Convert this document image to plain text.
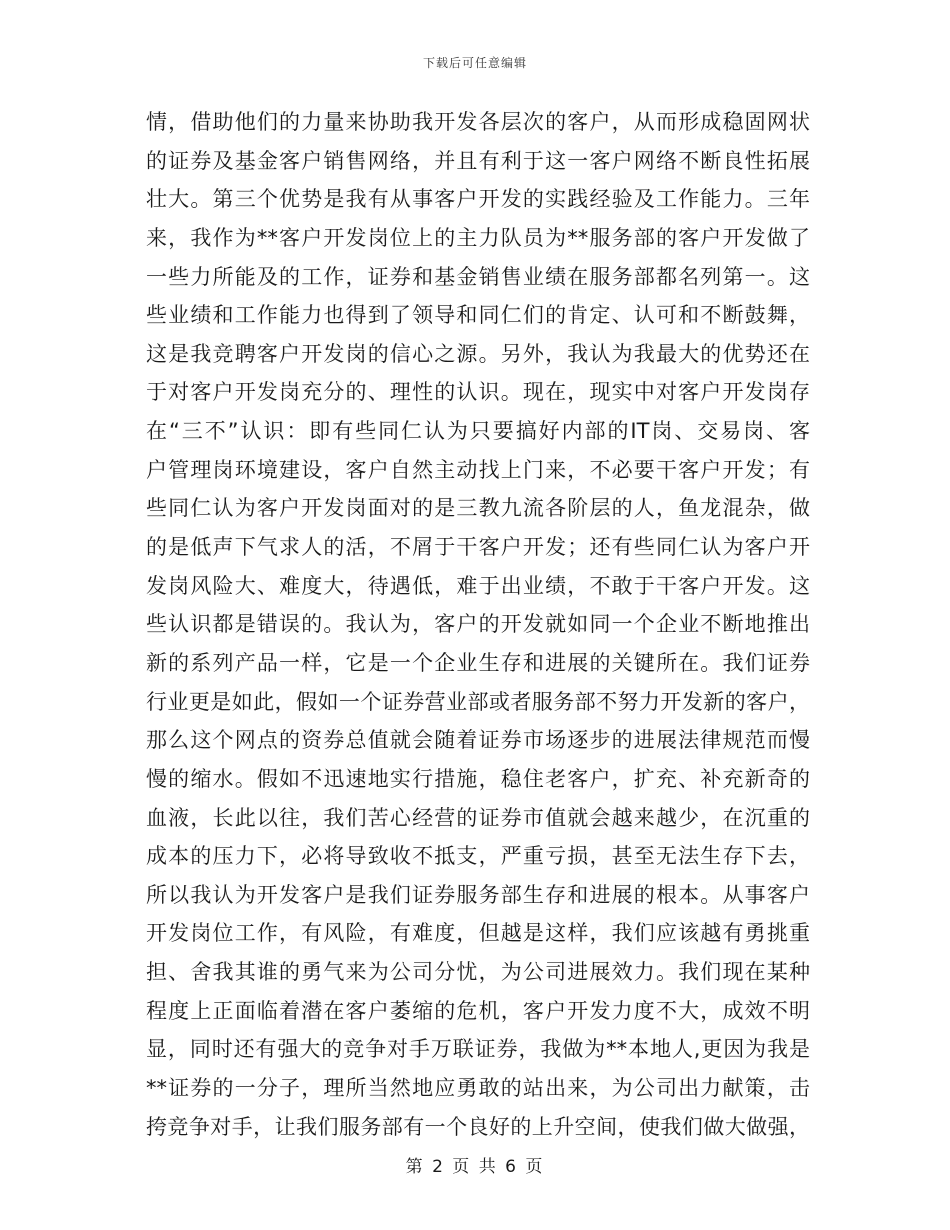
下载后可任意编辑
情，借助他们的力量来协助我开发各层次的客户，从而形成稳固网状
的证券及基金客户销售网络，并且有利于这一客户网络不断良性拓展
壮大。第三个优势是我有从事客户开发的实践经验及工作能力。三年
来，我作为**客户开发岗位上的主力队员为**服务部的客户开发做了
一些力所能及的工作，证券和基金销售业绩在服务部都名列第一。这
些业绩和工作能力也得到了领导和同仁们的肯定、认可和不断鼓舞，
这是我竞聘客户开发岗的信心之源。另外，我认为我最大的优势还在
于对客户开发岗充分的、理性的认识。现在，现实中对客户开发岗存
在“三不”认识：即有些同仁认为只要搞好内部的IT岗、交易岗、客
户管理岗环境建设，客户自然主动找上门来，不必要干客户开发；有
些同仁认为客户开发岗面对的是三教九流各阶层的人，鱼龙混杂，做
的是低声下气求人的活，不屑于干客户开发；还有些同仁认为客户开
发岗风险大、难度大，待遇低，难于出业绩，不敢于干客户开发。这
些认识都是错误的。我认为，客户的开发就如同一个企业不断地推出
新的系列产品一样，它是一个企业生存和进展的关键所在。我们证券
行业更是如此，假如一个证券营业部或者服务部不努力开发新的客户，
那么这个网点的资券总值就会随着证券市场逐步的进展法律规范而慢
慢的缩水。假如不迅速地实行措施，稳住老客户，扩充、补充新奇的
血液，长此以往，我们苦心经营的证券市值就会越来越少，在沉重的
成本的压力下，必将导致收不抵支，严重亏损，甚至无法生存下去，
所以我认为开发客户是我们证券服务部生存和进展的根本。从事客户
开发岗位工作，有风险，有难度，但越是这样，我们应该越有勇挑重
担、舍我其谁的勇气来为公司分忧，为公司进展效力。我们现在某种
程度上正面临着潜在客户萎缩的危机，客户开发力度不大，成效不明
显，同时还有强大的竞争对手万联证券，我做为**本地人,更因为我是
**证券的一分子，理所当然地应勇敢的站出来，为公司出力献策，击
挎竞争对手，让我们服务部有一个良好的上升空间，使我们做大做强，
第 2 页 共 6 页
